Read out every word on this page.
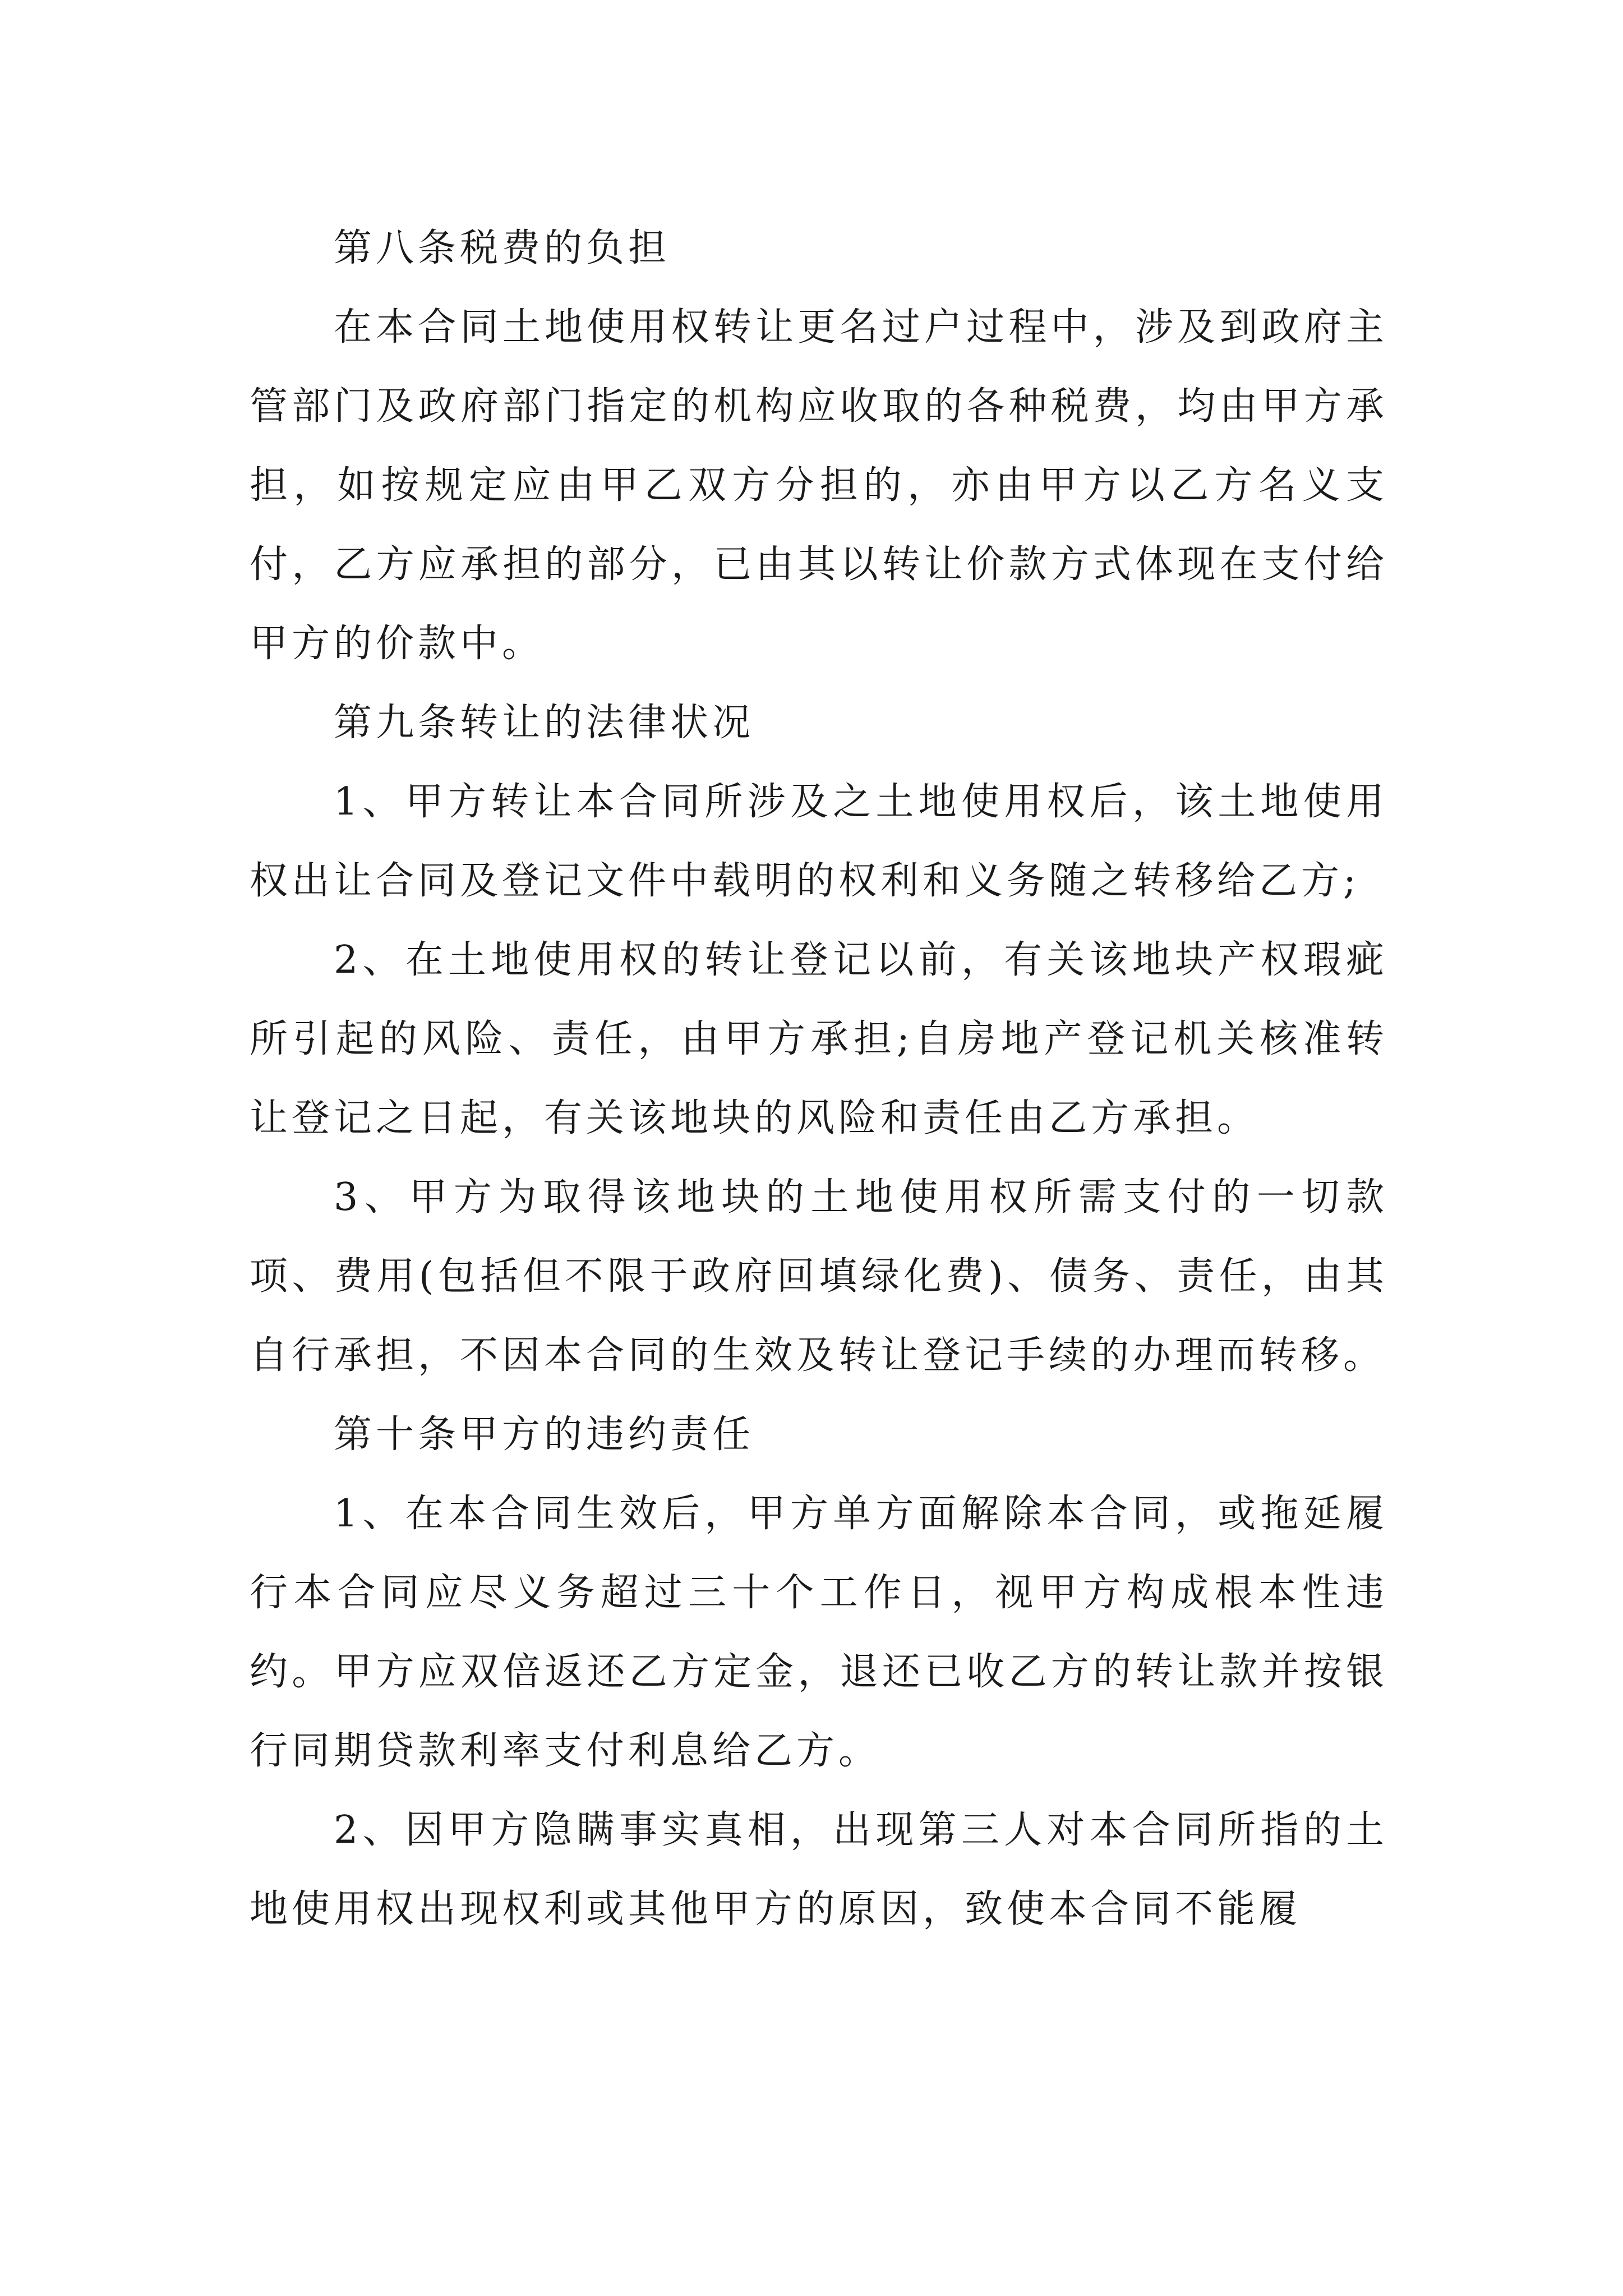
第八条税费的负担

在本合同土地使用权转让更名过户过程中，涉及到政府主管部门及政府部门指定的机构应收取的各种税费，均由甲方承担，如按规定应由甲乙双方分担的，亦由甲方以乙方名义支付，乙方应承担的部分，已由其以转让价款方式体现在支付给甲方的价款中。

第九条转让的法律状况

1、甲方转让本合同所涉及之土地使用权后，该土地使用权出让合同及登记文件中载明的权利和义务随之转移给乙方;

2、在土地使用权的转让登记以前，有关该地块产权瑕疵所引起的风险、责任，由甲方承担;自房地产登记机关核准转让登记之日起，有关该地块的风险和责任由乙方承担。

3、甲方为取得该地块的土地使用权所需支付的一切款项、费用(包括但不限于政府回填绿化费)、债务、责任，由其自行承担，不因本合同的生效及转让登记手续的办理而转移。

第十条甲方的违约责任

1、在本合同生效后，甲方单方面解除本合同，或拖延履行本合同应尽义务超过三十个工作日，视甲方构成根本性违约。甲方应双倍返还乙方定金，退还已收乙方的转让款并按银行同期贷款利率支付利息给乙方。

2、因甲方隐瞒事实真相，出现第三人对本合同所指的土地使用权出现权利或其他甲方的原因，致使本合同不能履
